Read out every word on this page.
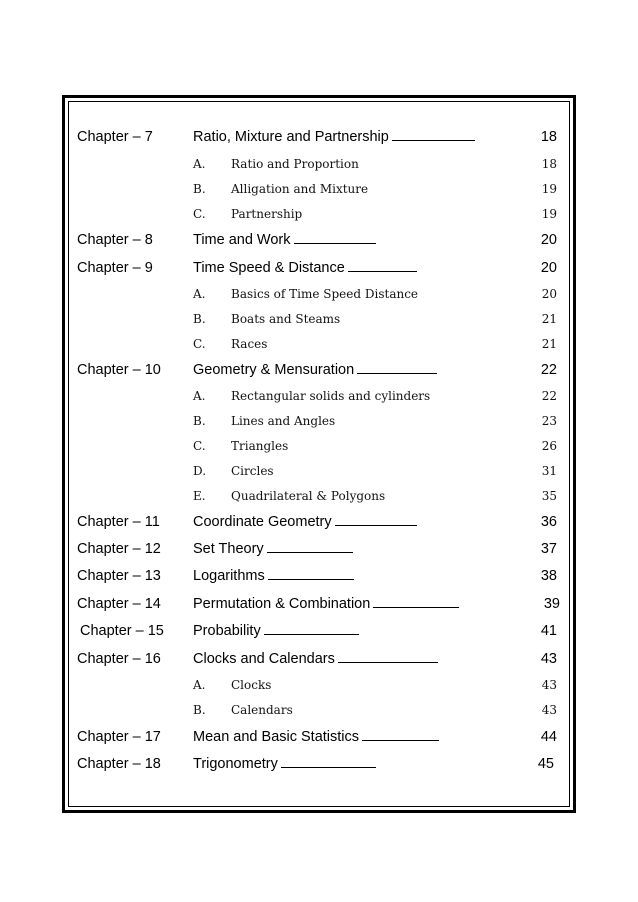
Chapter – 7	Ratio, Mixture and Partnership	18
A. Ratio and Proportion	18
B. Alligation and Mixture	19
C. Partnership	19
Chapter – 8	Time and Work	20
Chapter – 9	Time Speed & Distance	20
A. Basics of Time Speed Distance	20
B. Boats and Steams	21
C. Races	21
Chapter – 10 Geometry & Mensuration	22
A. Rectangular solids and cylinders	22
B. Lines and Angles	23
C. Triangles	26
D. Circles	31
E. Quadrilateral & Polygons	35
Chapter – 11 Coordinate Geometry	36
Chapter – 12 Set Theory	37
Chapter – 13 Logarithms	38
Chapter – 14 Permutation & Combination	39
Chapter – 15 Probability	41
Chapter – 16 Clocks and Calendars	43
A. Clocks	43
B. Calendars	43
Chapter – 17 Mean and Basic Statistics	44
Chapter – 18 Trigonometry	45
